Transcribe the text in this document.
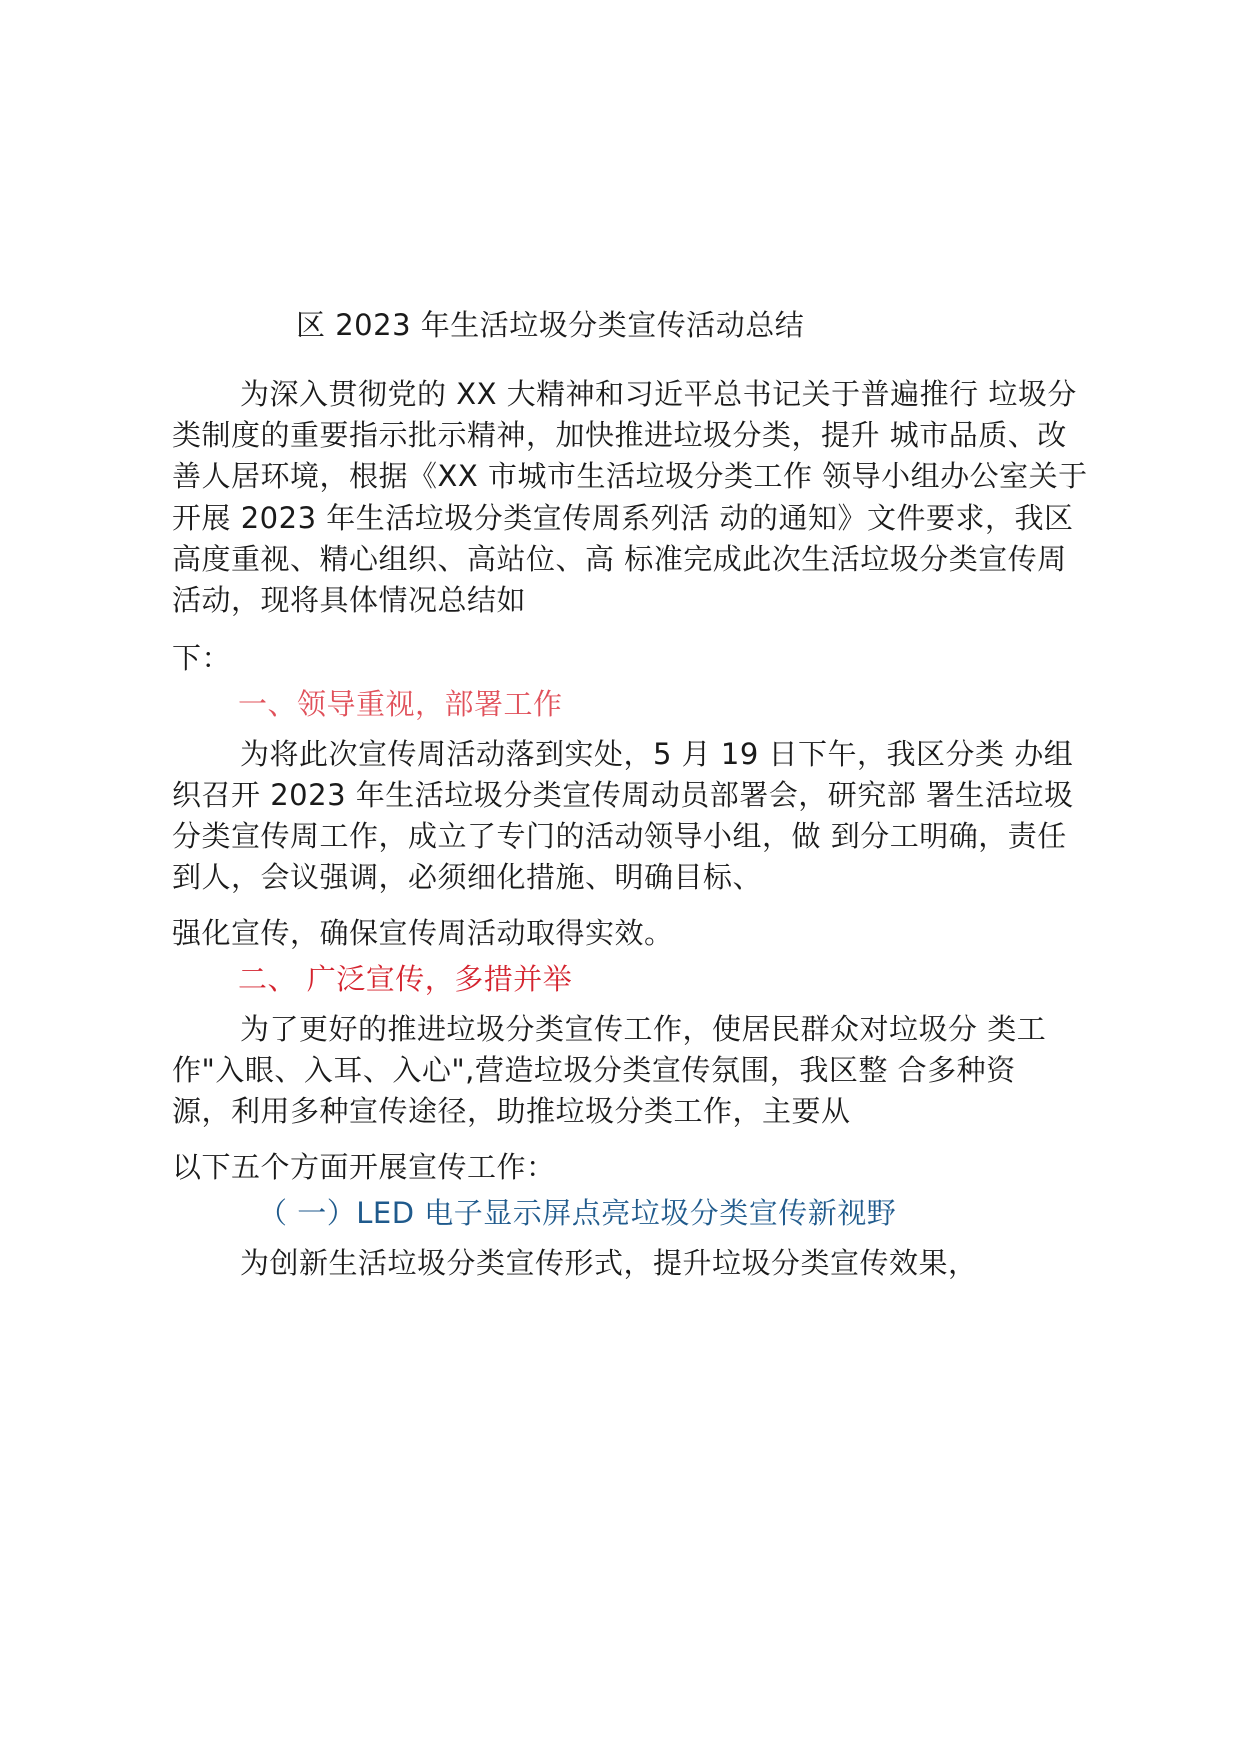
区 2023 年生活垃圾分类宣传活动总结
为深入贯彻党的 XX 大精神和习近平总书记关于普遍推行 垃圾分
类制度的重要指示批示精神，加快推进垃圾分类，提升 城市品质、改
善人居环境，根据《XX 市城市生活垃圾分类工作 领导小组办公室关于
开展 2023 年生活垃圾分类宣传周系列活 动的通知》文件要求，我区
高度重视、精心组织、高站位、高 标准完成此次生活垃圾分类宣传周
活动，现将具体情况总结如
下：
一、领导重视，部署工作
为将此次宣传周活动落到实处，5 月 19 日下午，我区分类 办组
织召开 2023 年生活垃圾分类宣传周动员部署会，研究部 署生活垃圾
分类宣传周工作，成立了专门的活动领导小组，做 到分工明确，责任
到人，会议强调，必须细化措施、明确目标、
强化宣传，确保宣传周活动取得实效。
二、 广泛宣传，多措并举
为了更好的推进垃圾分类宣传工作，使居民群众对垃圾分 类工
作"入眼、入耳、入心",营造垃圾分类宣传氛围，我区整 合多种资
源，利用多种宣传途径，助推垃圾分类工作，主要从
以下五个方面开展宣传工作：
（ 一）LED 电子显示屏点亮垃圾分类宣传新视野
为创新生活垃圾分类宣传形式，提升垃圾分类宣传效果，
